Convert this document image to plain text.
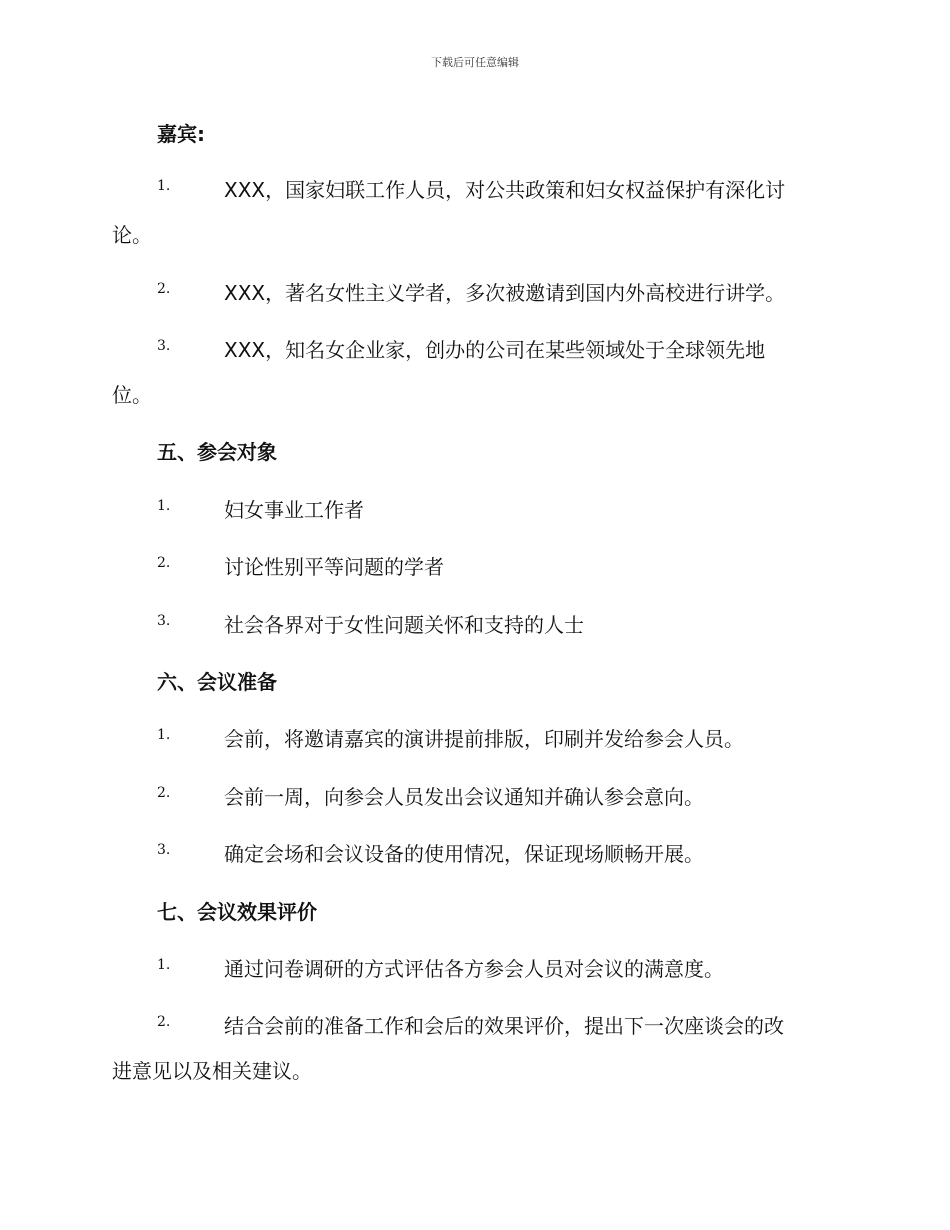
下载后可任意编辑
嘉宾:
1.	XXX，国家妇联工作人员，对公共政策和妇女权益保护有深化讨
论。
2.	XXX，著名女性主义学者，多次被邀请到国内外高校进行讲学。
3.	XXX，知名女企业家，创办的公司在某些领域处于全球领先地
位。
五、参会对象
1.	妇女事业工作者
2.	讨论性别平等问题的学者
3.	社会各界对于女性问题关怀和支持的人士
六、会议准备
1.	会前，将邀请嘉宾的演讲提前排版，印刷并发给参会人员。
2.	会前一周，向参会人员发出会议通知并确认参会意向。
3.	确定会场和会议设备的使用情况，保证现场顺畅开展。
七、会议效果评价
1.	通过问卷调研的方式评估各方参会人员对会议的满意度。
2.	结合会前的准备工作和会后的效果评价，提出下一次座谈会的改
进意见以及相关建议。
